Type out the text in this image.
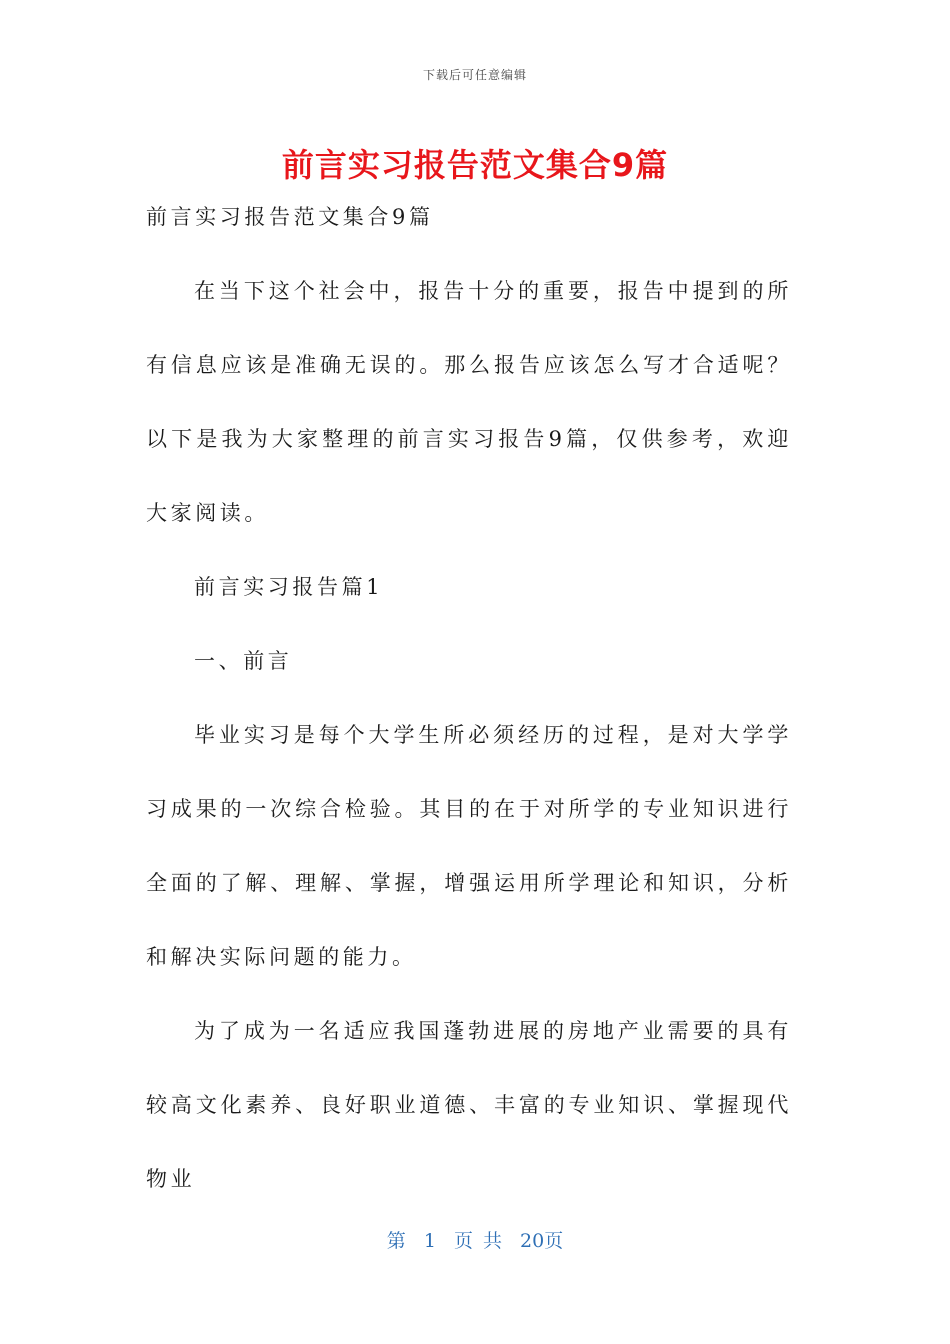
下载后可任意编辑
前言实习报告范文集合9篇

前言实习报告范文集合9篇

在当下这个社会中，报告十分的重要，报告中提到的所有信息应该是准确无误的。那么报告应该怎么写才合适呢？以下是我为大家整理的前言实习报告9篇，仅供参考，欢迎大家阅读。

前言实习报告篇1

一、前言

毕业实习是每个大学生所必须经历的过程，是对大学学习成果的一次综合检验。其目的在于对所学的专业知识进行全面的了解、理解、掌握，增强运用所学理论和知识，分析和解决实际问题的能力。

为了成为一名适应我国蓬勃进展的房地产业需要的具有较高文化素养、良好职业道德、丰富的专业知识、掌握现代物业

第 1 页 共 20页
